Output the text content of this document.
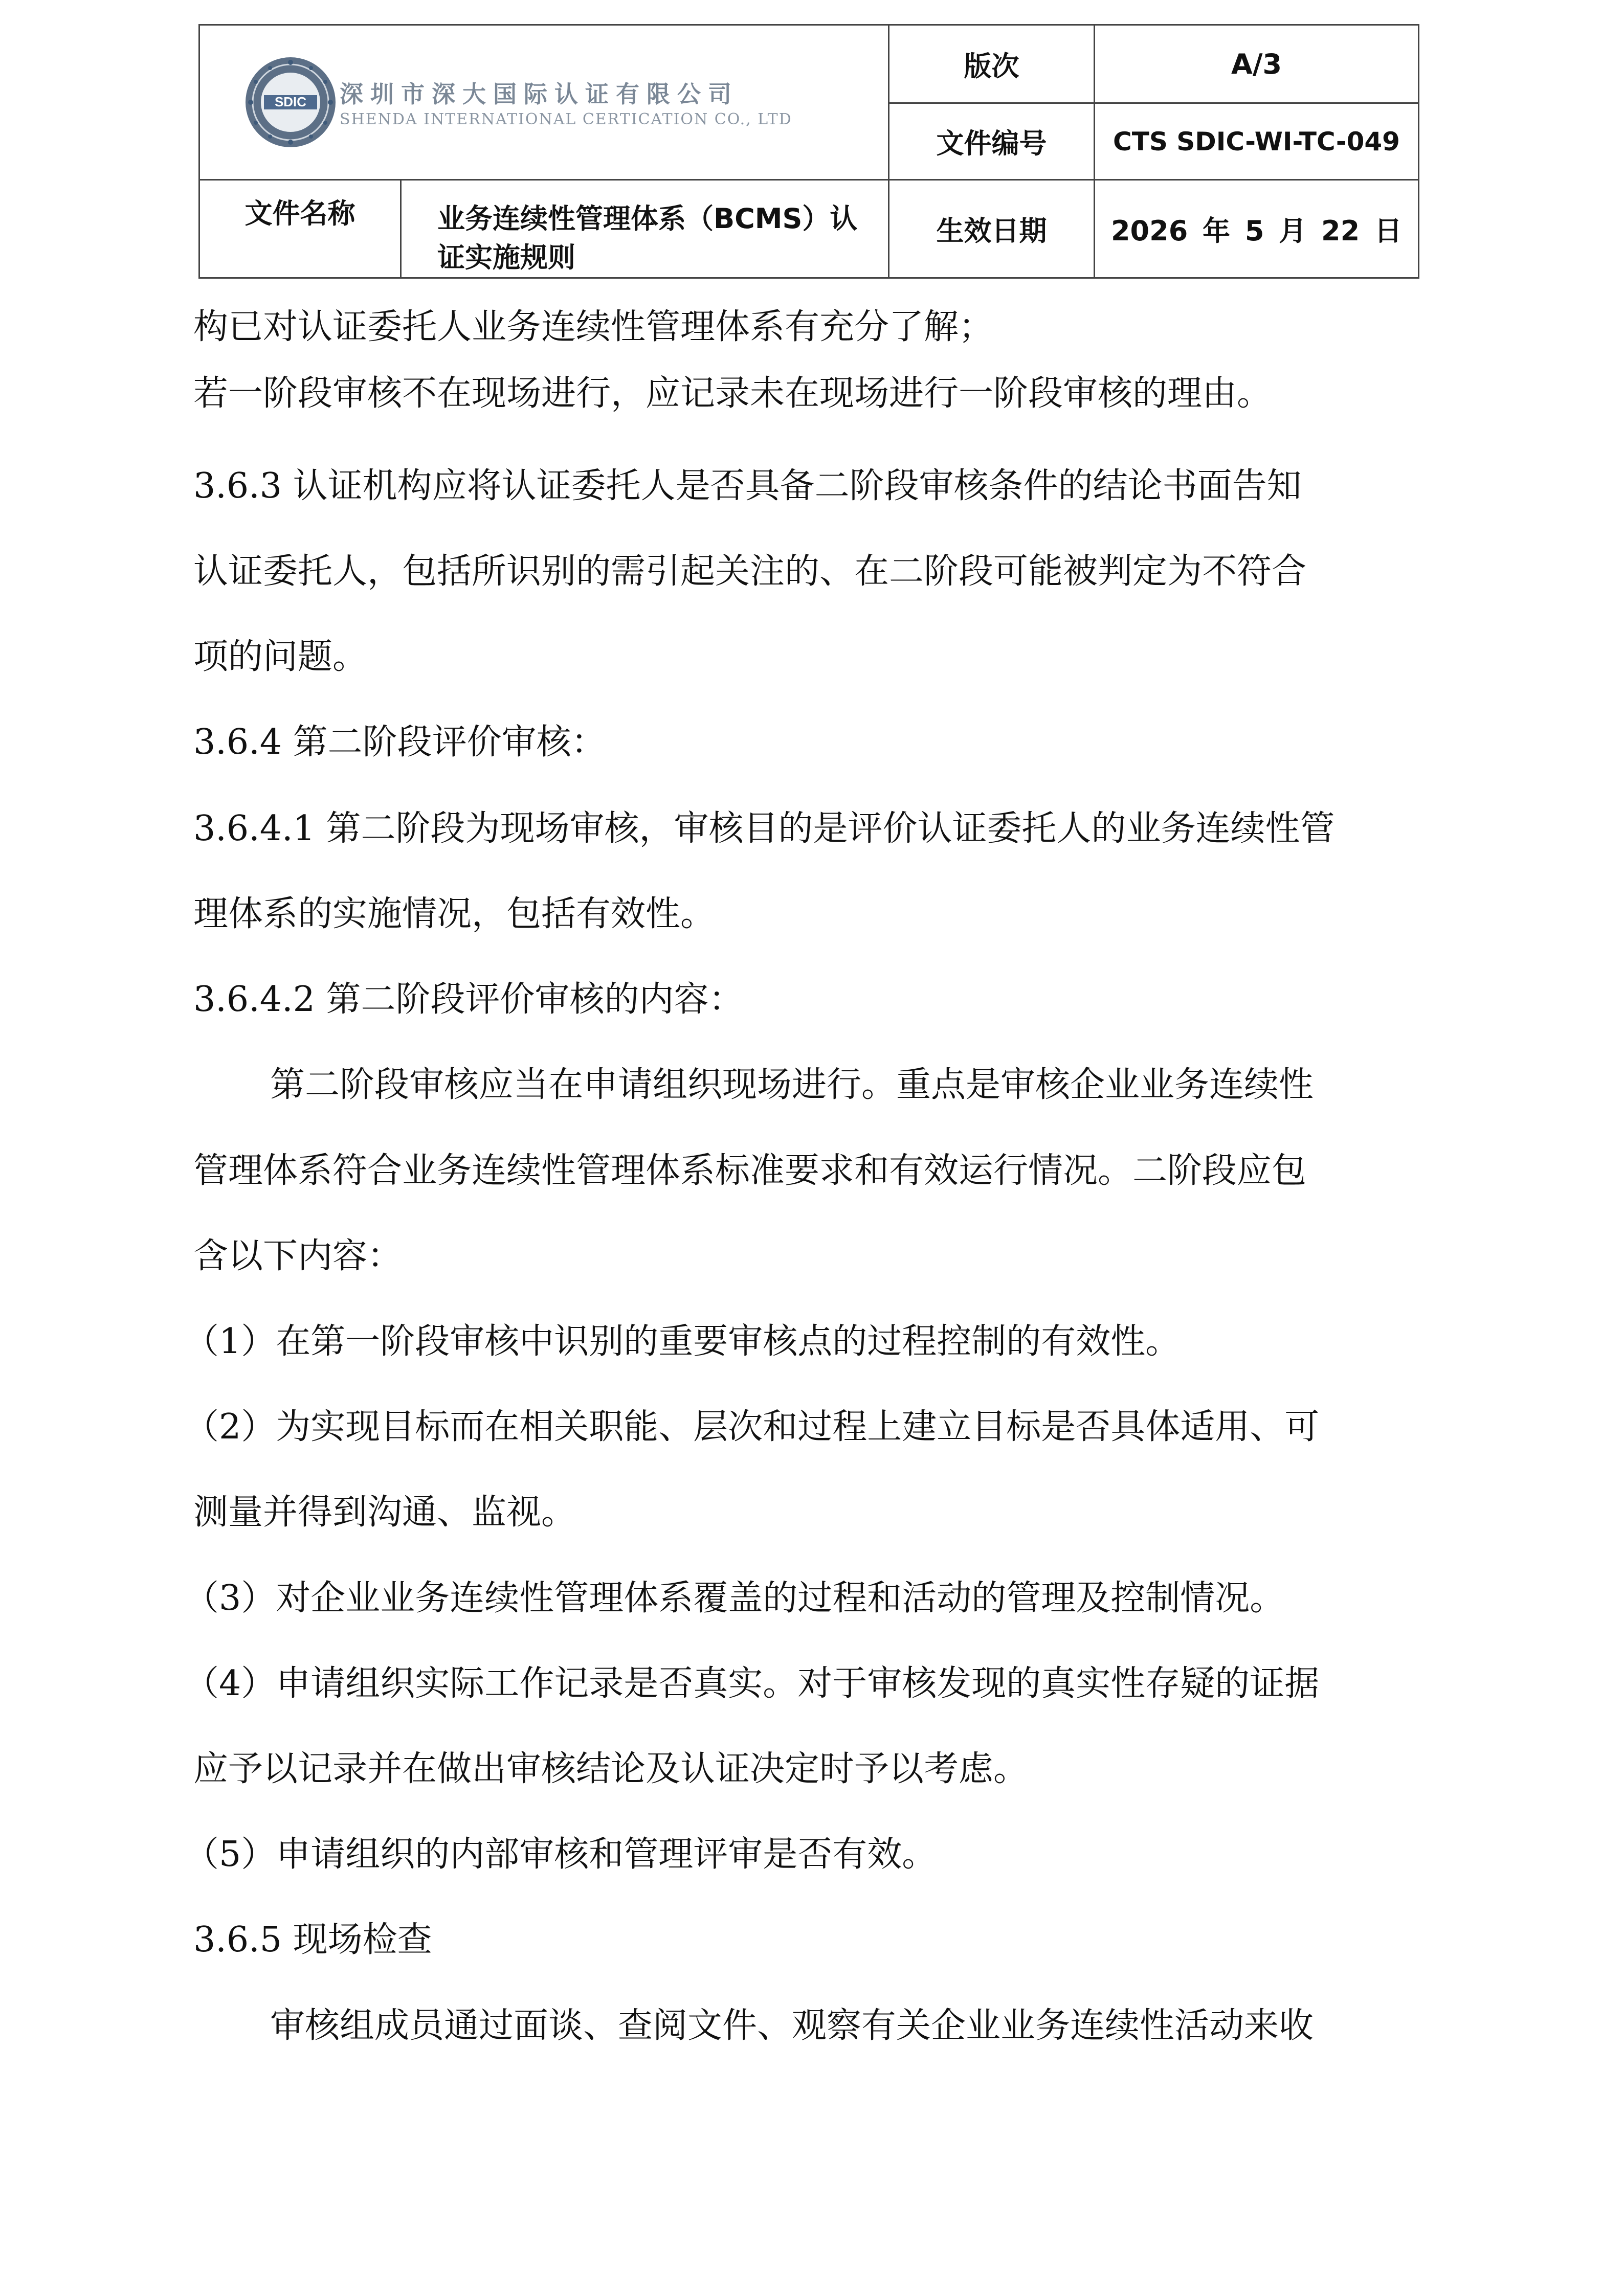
SDIC 深圳市深大国际认证有限公司
SHENDA INTERNATIONAL CERTICATION CO., LTD
版次	A/3
文件编号	CTS SDIC-WI-TC-049
文件名称	业务连续性管理体系（BCMS）认证实施规则
生效日期	2026 年 5 月 22 日
构已对认证委托人业务连续性管理体系有充分了解；
若一阶段审核不在现场进行，应记录未在现场进行一阶段审核的理由。
3.6.3 认证机构应将认证委托人是否具备二阶段审核条件的结论书面告知
认证委托人，包括所识别的需引起关注的、在二阶段可能被判定为不符合
项的问题。
3.6.4 第二阶段评价审核：
3.6.4.1 第二阶段为现场审核，审核目的是评价认证委托人的业务连续性管
理体系的实施情况，包括有效性。
3.6.4.2 第二阶段评价审核的内容：
第二阶段审核应当在申请组织现场进行。重点是审核企业业务连续性
管理体系符合业务连续性管理体系标准要求和有效运行情况。二阶段应包
含以下内容：
（1）在第一阶段审核中识别的重要审核点的过程控制的有效性。
（2）为实现目标而在相关职能、层次和过程上建立目标是否具体适用、可
测量并得到沟通、监视。
（3）对企业业务连续性管理体系覆盖的过程和活动的管理及控制情况。
（4）申请组织实际工作记录是否真实。对于审核发现的真实性存疑的证据
应予以记录并在做出审核结论及认证决定时予以考虑。
（5）申请组织的内部审核和管理评审是否有效。
3.6.5 现场检查
审核组成员通过面谈、查阅文件、观察有关企业业务连续性活动来收
